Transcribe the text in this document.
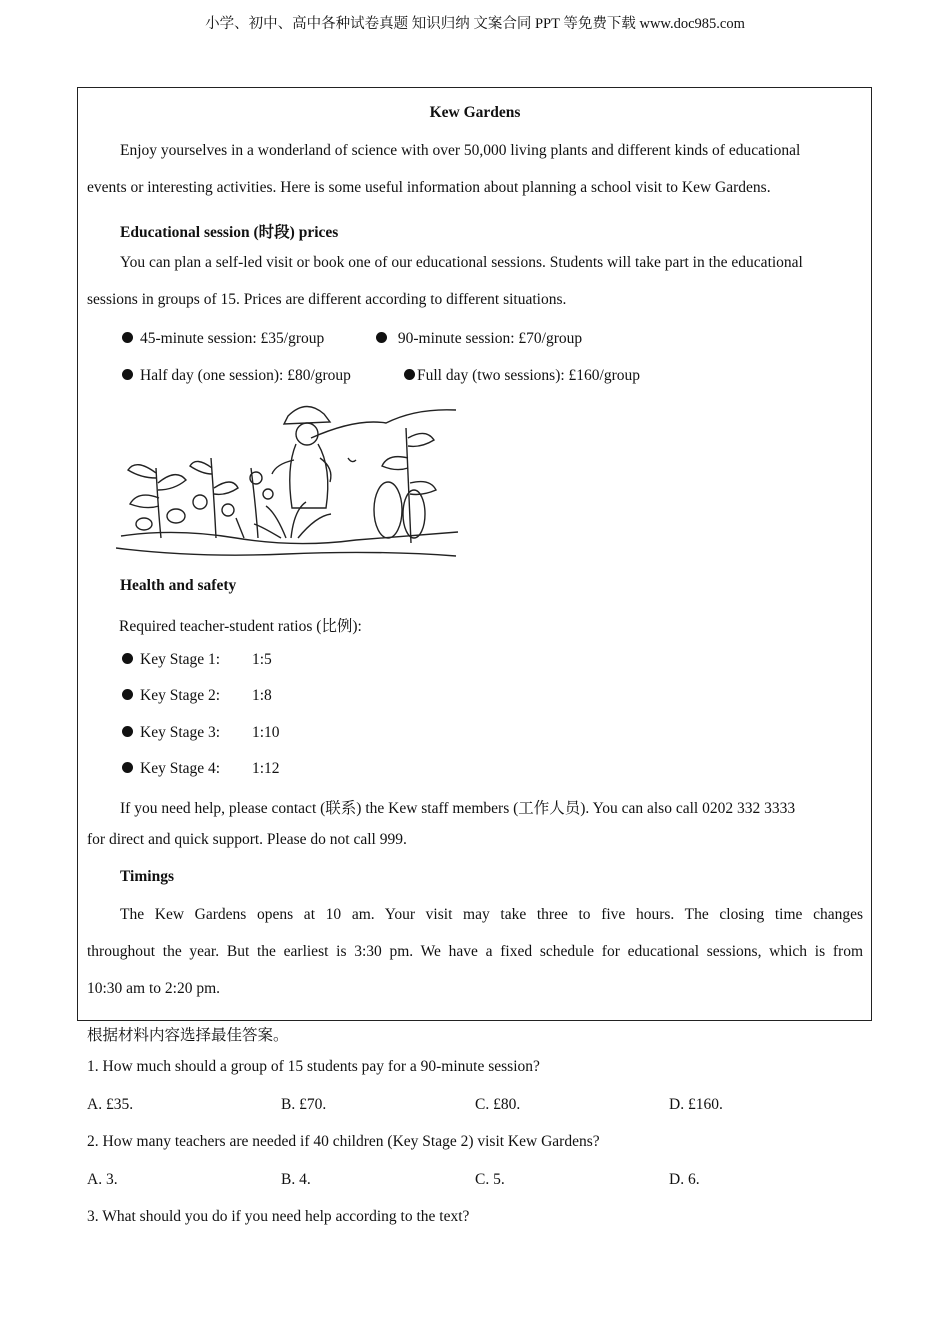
小学、初中、高中各种试卷真题 知识归纳 文案合同 PPT 等免费下载 www.doc985.com
Kew Gardens
Enjoy yourselves in a wonderland of science with over 50,000 living plants and different kinds of educational
events or interesting activities. Here is some useful information about planning a school visit to Kew Gardens.
Educational session (时段) prices
You can plan a self-led visit or book one of our educational sessions. Students will take part in the educational
sessions in groups of 15. Prices are different according to different situations.
45-minute session: £35/group	90-minute session: £70/group
Half day (one session): £80/group	Full day (two sessions): £160/group
Health and safety
Required teacher-student ratios (比例):
Key Stage 1: 1:5
Key Stage 2: 1:8
Key Stage 3: 1:10
Key Stage 4: 1:12
If you need help, please contact (联系) the Kew staff members (工作人员). You can also call 0202 332 3333
for direct and quick support. Please do not call 999.
Timings
The Kew Gardens opens at 10 am. Your visit may take three to five hours. The closing time changes
throughout the year. But the earliest is 3:30 pm. We have a fixed schedule for educational sessions, which is from
10:30 am to 2:20 pm.
根据材料内容选择最佳答案。
1. How much should a group of 15 students pay for a 90-minute session?
A. £35.	B. £70.	C. £80.	D. £160.
2. How many teachers are needed if 40 children (Key Stage 2) visit Kew Gardens?
A. 3.	B. 4.	C. 5.	D. 6.
3. What should you do if you need help according to the text?
